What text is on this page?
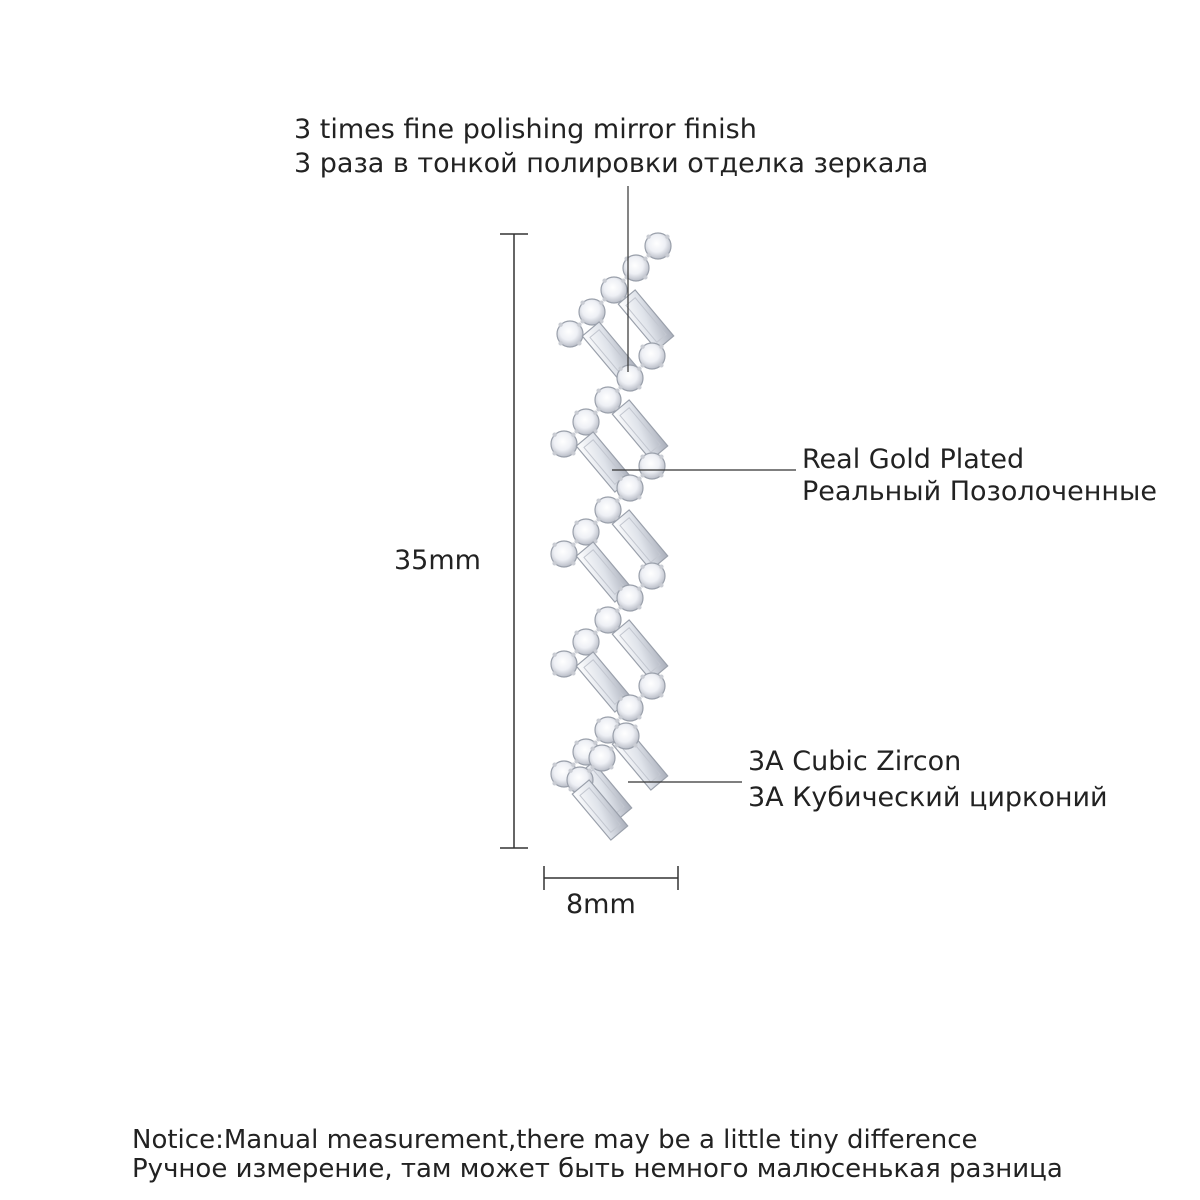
3 times fine polishing mirror finish
3 раза в тонкой полировки отделка зеркала
Real Gold Plated
Реальный Позолоченные
3A Cubic Zircon
3A Кубический цирконий
35mm
8mm
Notice:Manual measurement,there may be a little tiny difference
Ручное измерение, там может быть немного малюсенькая разница
